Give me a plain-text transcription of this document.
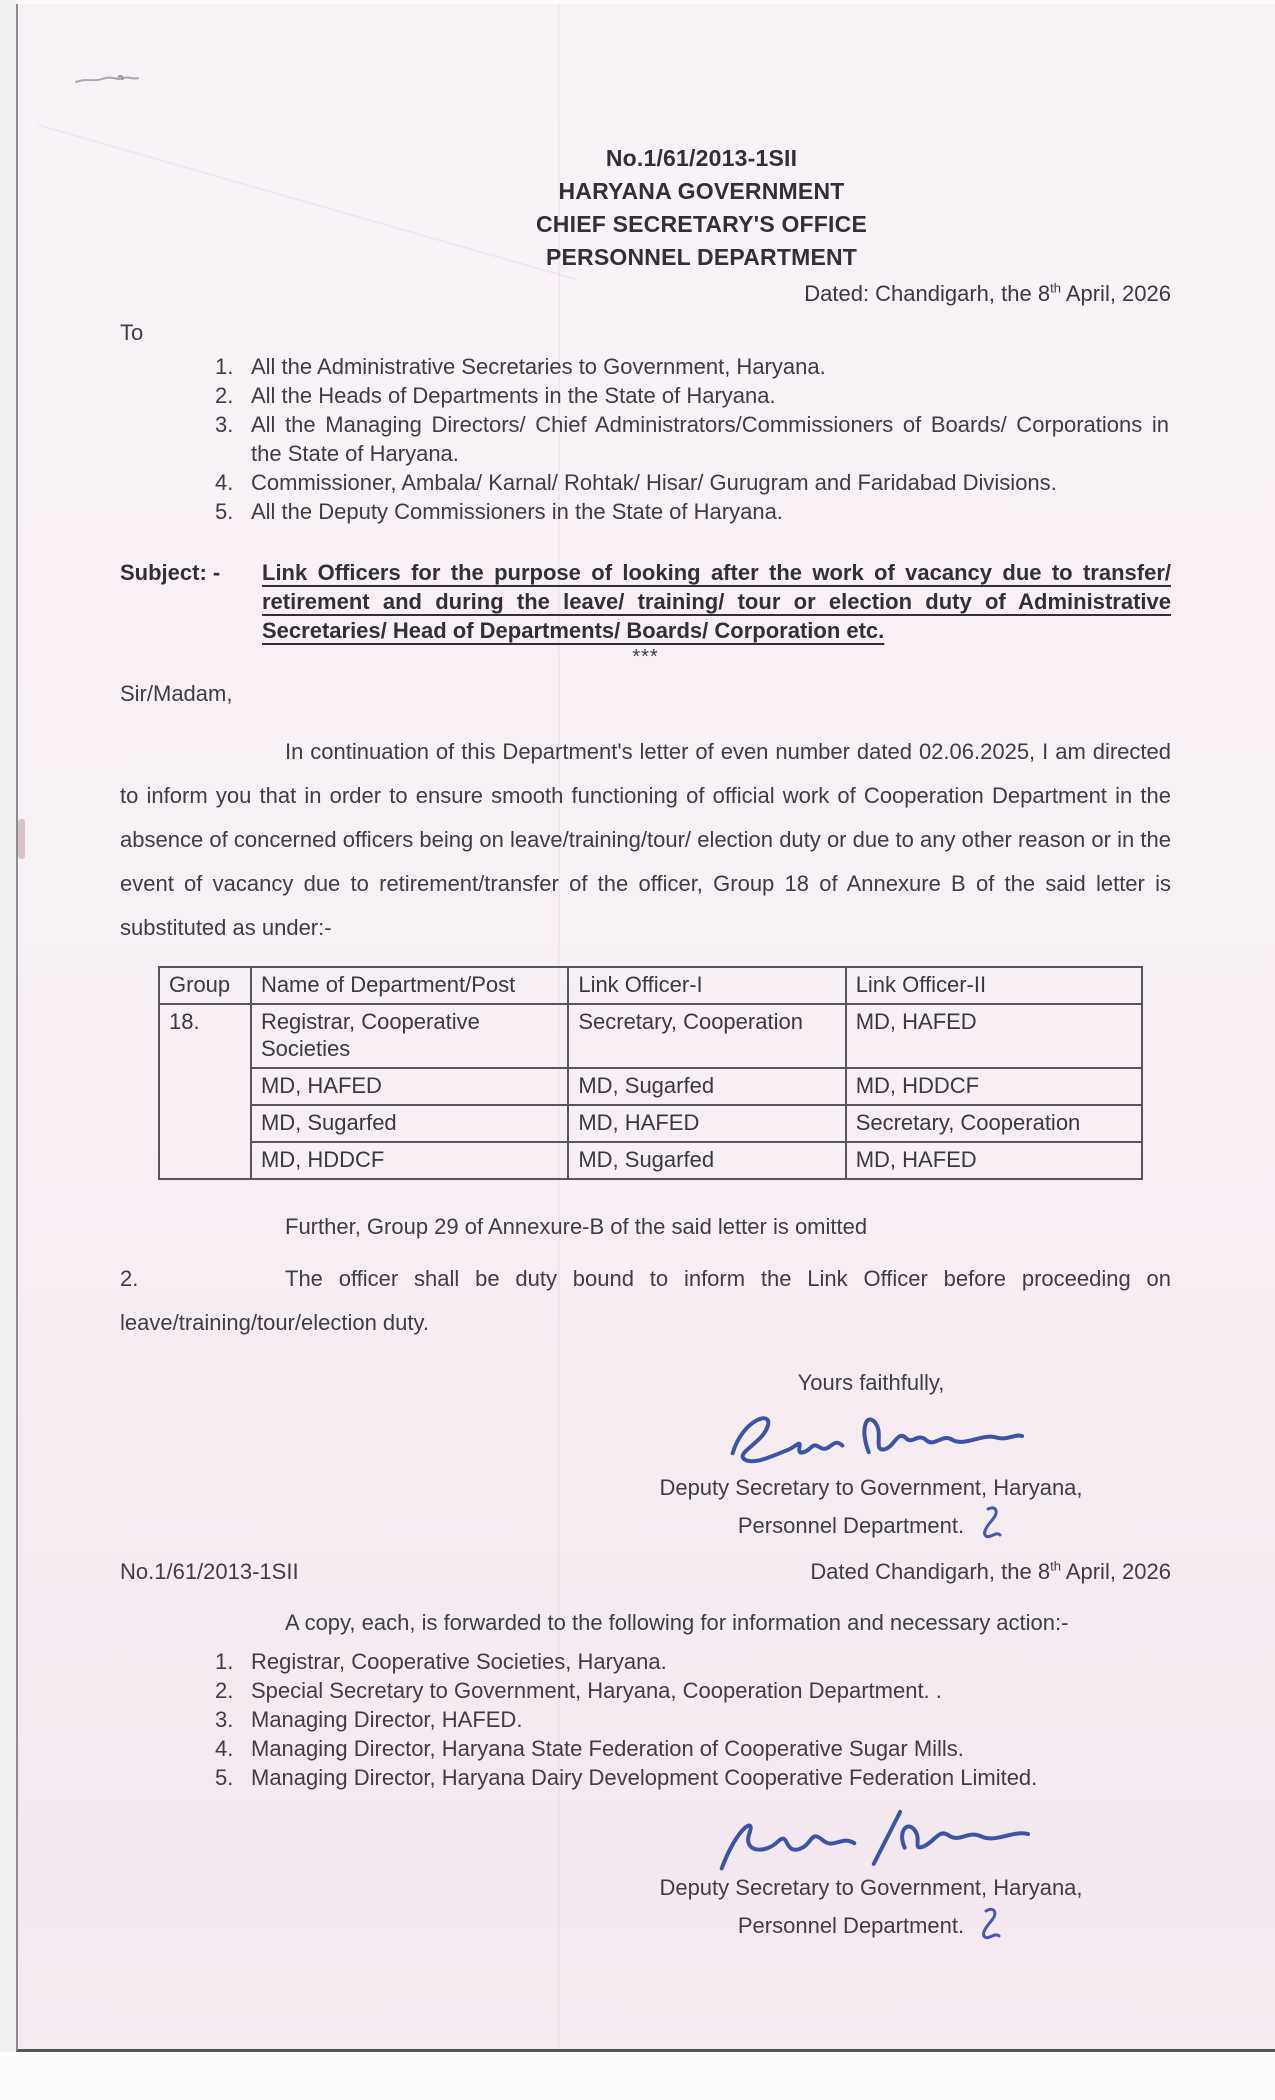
No.1/61/2013-1SII
HARYANA GOVERNMENT
CHIEF SECRETARY'S OFFICE
PERSONNEL DEPARTMENT
Dated: Chandigarh, the 8th April, 2026
To
1. All the Administrative Secretaries to Government, Haryana.
2. All the Heads of Departments in the State of Haryana.
3. All the Managing Directors/ Chief Administrators/Commissioners of Boards/ Corporations in the State of Haryana.
4. Commissioner, Ambala/ Karnal/ Rohtak/ Hisar/ Gurugram and Faridabad Divisions.
5. All the Deputy Commissioners in the State of Haryana.
Subject: -	Link Officers for the purpose of looking after the work of vacancy due to transfer/ retirement and during the leave/ training/ tour or election duty of Administrative Secretaries/ Head of Departments/ Boards/ Corporation etc.
***
Sir/Madam,

In continuation of this Department's letter of even number dated 02.06.2025, I am directed to inform you that in order to ensure smooth functioning of official work of Cooperation Department in the absence of concerned officers being on leave/training/tour/ election duty or due to any other reason or in the event of vacancy due to retirement/transfer of the officer, Group 18 of Annexure B of the said letter is substituted as under:-

Group	Name of Department/Post	Link Officer-I	Link Officer-II
18.	Registrar, Cooperative Societies	Secretary, Cooperation	MD, HAFED
	MD, HAFED	MD, Sugarfed	MD, HDDCF
	MD, Sugarfed	MD, HAFED	Secretary, Cooperation
	MD, HDDCF	MD, Sugarfed	MD, HAFED
Further, Group 29 of Annexure-B of the said letter is omitted
2.	The officer shall be duty bound to inform the Link Officer before proceeding on leave/training/tour/election duty.

Yours faithfully,
Deputy Secretary to Government, Haryana,
Personnel Department.
No.1/61/2013-1SII	Dated Chandigarh, the 8th April, 2026

A copy, each, is forwarded to the following for information and necessary action:-

1. Registrar, Cooperative Societies, Haryana.
2. Special Secretary to Government, Haryana, Cooperation Department. .
3. Managing Director, HAFED.
4. Managing Director, Haryana State Federation of Cooperative Sugar Mills.
5. Managing Director, Haryana Dairy Development Cooperative Federation Limited.
Deputy Secretary to Government, Haryana,
Personnel Department.
